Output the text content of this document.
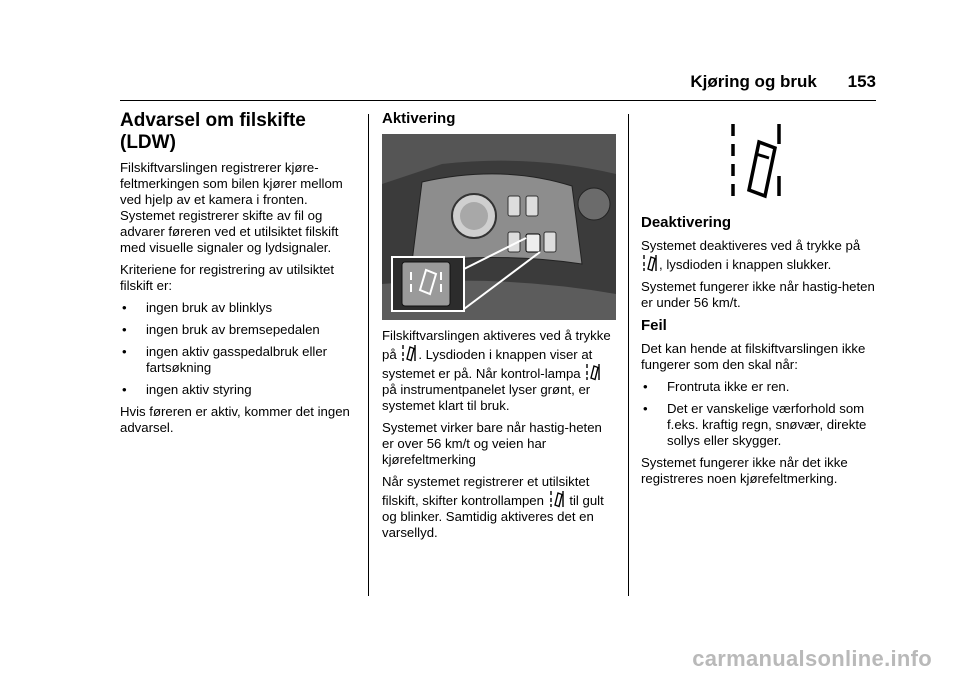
Kjøring og bruk 153
Advarsel om filskifte (LDW)

Filskiftvarslingen registrerer kjøre-feltmerkingen som bilen kjører mellom ved hjelp av et kamera i fronten. Systemet registrerer skifte av fil og advarer føreren ved et utilsiktet filskift med visuelle signaler og lydsignaler.

Kriteriene for registrering av utilsiktet filskift er:

•	ingen bruk av blinklys
•	ingen bruk av bremsepedalen
•	ingen aktiv gasspedalbruk eller fartsøkning
•	ingen aktiv styring

Hvis føreren er aktiv, kommer det ingen advarsel.

Aktivering

Filskiftvarslingen aktiveres ved å trykke på . Lysdioden i knappen viser at systemet er på. Når kontrol-lampa  på instrumentpanelet lyser grønt, er systemet klart til bruk.

Systemet virker bare når hastig-heten er over 56 km/t og veien har kjørefeltmerking

Når systemet registrerer et utilsiktet filskift, skifter kontrollampen til gult og blinker. Samtidig aktiveres det en varsellyd.

Deaktivering

Systemet deaktiveres ved å trykke på , lysdioden i knappen slukker.

Systemet fungerer ikke når hastig-heten er under 56 km/t.

Feil

Det kan hende at filskiftvarslingen ikke fungerer som den skal når:

•	Frontruta ikke er ren.
•	Det er vanskelige værforhold som f.eks. kraftig regn, snøvær, direkte sollys eller skygger.

Systemet fungerer ikke når det ikke registreres noen kjørefeltmerking.

carmanualsonline.info
